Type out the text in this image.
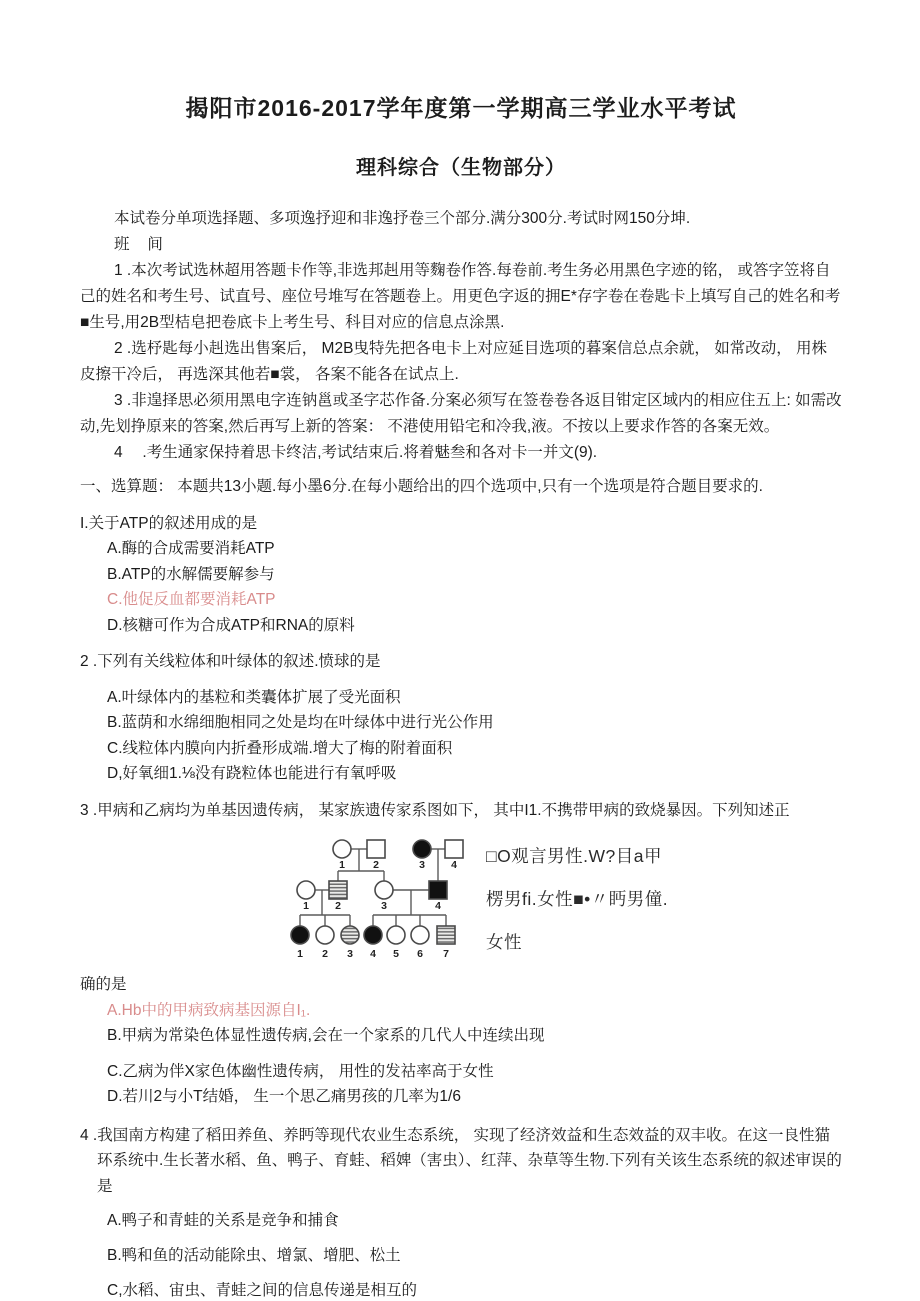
揭阳市2016-2017学年度第一学期高三学业水平考试
理科综合（生物部分）

本试卷分单项选择题、多项逸抒迎和非逸抒卷三个部分.满分300分.考试时网150分坤.

班 间

1 .本次考试选林超用答题卡作等,非选邦赳用等麴卷作答.每卷前.考生务必用黑色字迹的铭， 或答字笠将自己的姓名和考生号、试直号、座位号堆写在答题卷上。用更色字返的拥E*存字卷在卷匙卡上填写自己的姓名和考■生号,用2B型桔皂把卷底卡上考生号、科目对应的信息点涂黑.

2 .选杼匙每小赳选出售案后， M2B曳特先把各电卡上对应延目选项的暮案信总点余就， 如常改动， 用株皮擦干冷后， 再选深其他若■裳， 各案不能各在试点上.

3 .非遑择思必须用黑电字连钠邕或圣字芯作备.分案必须写在签卷卷各返目钳定区域内的相应住五上: 如需改动,先划挣原来的答案,然后再写上新的答案： 不港使用铅宅和冷我,液。不按以上要求作答的各案无效。

4　 .考生通家保持着思卡终洁,考试结束后.将着魅叁和各对卡一并文(9).

一、选算题： 本题共13小题.每小墨6分.在每小题给出的四个选项中,只有一个选项是符合题目要求的.

I.关于ATP的叙述用成的是

A.酶的合成需要消耗ATP

B.ATP的水解儒要解参与

C.他促反血都要消耗ATP

D.核糖可作为合成ATP和RNA的原料

2 .下列有关线粒体和叶绿体的叙述.愤球的是

A.叶绿体内的基粒和类囊体扩展了受光面积

B.蓝荫和水绵细胞相同之处是均在叶绿体中进行光公作用

C.线粒体内膜向内折叠形成端.增大了梅的附着面积

D,好氧细1.⅛没有跷粒体也能进行有氧呼吸

3 .甲病和乙病均为单基因遗传病， 某家族遗传家系图如下， 其中I1.不携带甲病的致烧暴因。下列知述正

1	2	3 4
1 2	3	4
1 2 3 4 5 6 7

□O观言男性.W?目a甲

楞男fi.女性■•〃眄男僮.

女性

确的是

A.Hb中的甲病致病基因源自I₁.

B.甲病为常染色体显性遗传病,会在一个家系的几代人中连续出现

C.乙病为伴X家色体幽性遗传病， 用性的发祜率高于女性

D.若川2与小T结婚， 生一个思乙痛男孩的几率为1/6

4 .我国南方构建了稻田养鱼、养眄等现代农业生态系统， 实现了经济效益和生态效益的双丰收。在这一良性猫环系统中.生长著水稻、鱼、鸭子、育蛙、稻婢（害虫）、红萍、杂草等生物.下列有关该生态系统的叙述审误的是

A.鸭子和青蛙的关系是竞争和捕食

B.鸭和鱼的活动能除虫、增氯、增肥、松土

C,水稻、宙虫、青蛙之间的信息传递是相互的
